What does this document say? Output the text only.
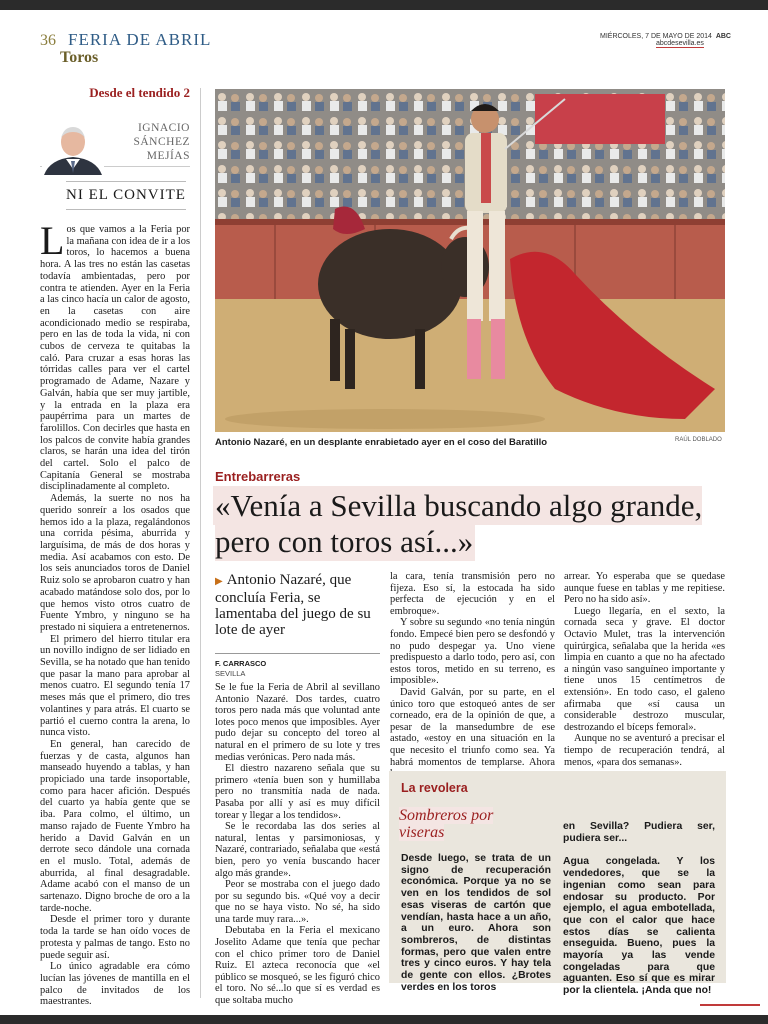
36 FERIA DE ABRIL
Toros
MIÉRCOLES, 7 DE MAYO DE 2014 ABC
abcdesevilla.es
Desde el tendido 2
IGNACIO
SÁNCHEZ
MEJÍAS
NI EL CONVITE

Los que vamos a la Feria por la mañana con idea de ir a los toros, lo hacemos a buena hora. A las tres no están las casetas todavía ambientadas, pero por contra te atienden. Ayer en la Feria a las cinco hacía un calor de agosto, en la casetas con aire acondicionado medio se respiraba, pero en las de toda la vida, ni con cubos de cerveza te quitabas la caló. Para cruzar a esas horas las tórridas calles para ver el cartel programado de Adame, Nazare y Galván, había que ser muy jartible, y la entrada en la plaza era paupérrima para un martes de farolillos. Con decirles que hasta en los palcos de convite había grandes claros, se harán una idea del tirón del cartel. Solo el palco de Capitanía General se mostraba disciplinadamente al completo.

Además, la suerte no nos ha querido sonreír a los osados que hemos ido a la plaza, regalándonos una corrida pésima, aburrida y larguísima, de más de dos horas y media. Así acabamos con esto. De los seis anunciados toros de Daniel Ruiz solo se aprobaron cuatro y han acabado matándose solo dos, por lo que hemos visto otros cuatro de Fuente Ymbro, y ninguno se ha prestado ni siquiera a entretenernos.

El primero del hierro titular era un novillo indigno de ser lidiado en Sevilla, se ha notado que han tenido que pasar la mano para aprobar al menos cuatro. El segundo tenía 17 meses más que el primero, dio tres volantines y para atrás. El cuarto se partió el cuerno contra la arena, lo nunca visto.

En general, han carecido de fuerzas y de casta, algunos han manseado huyendo a tablas, y han propiciado una tarde insoportable, como para hacer afición. Después del cuarto ya había gente que se iba. Para colmo, el último, un manso rajado de Fuente Ymbro ha herido a David Galván en un derrote seco dándole una cornada en el muslo. Total, además de aburrida, al final desagradable. Adame acabó con el manso de un sartenazo. Digno broche de oro a la tarde-noche.

Desde el primer toro y durante toda la tarde se han oído voces de protesta y palmas de tango. Esto no puede seguir así.

Lo único agradable era cómo lucían las jóvenes de mantilla en el palco de invitados de los maestrantes.

Antonio Nazaré, en un desplante enrabietado ayer en el coso del Baratillo	RAÚL DOBLADO
Entrebarreras
«Venía a Sevilla buscando algo grande, pero con toros así...»
▶ Antonio Nazaré, que concluía Feria, se lamentaba del juego de su lote de ayer
F. CARRASCO
SEVILLA

Se le fue la Feria de Abril al sevillano Antonio Nazaré. Dos tardes, cuatro toros pero nada más que voluntad ante lotes poco menos que imposibles. Ayer pudo dejar su concepto del toreo al natural en el primero de su lote y tres medias verónicas. Pero nada más.

El diestro nazareno señala que su primero «tenía buen son y humillaba pero no transmitía nada de nada. Pasaba por allí y así es muy difícil torear y llegar a los tendidos».

Se le recordaba las dos series al natural, lentas y parsimoniosas, y Nazaré, contrariado, señalaba que «está bien, pero yo venía buscando hacer algo más grande».

Peor se mostraba con el juego dado por su segundo bis. «Qué voy a decir que no se haya visto. No sé, ha sido una tarde muy rara...».

Debutaba en la Feria el mexicano Joselito Adame que tenía que pechar con el chico primer toro de Daniel Ruiz. El azteca reconocía que «el público se mosqueó, se les figuró chico el toro. No sé...lo que sí es verdad es que soltaba mucho

la cara, tenía transmisión pero no fijeza. Eso sí, la estocada ha sido perfecta de ejecución y en el embroque».

Y sobre su segundo «no tenía ningún fondo. Empecé bien pero se desfondó y no pudo despegar ya. Uno viene predispuesto a darlo todo, pero así, con estos toros, metido en su terreno, es imposible».

David Galván, por su parte, en el único toro que estoqueó antes de ser corneado, era de la opinión de que, a pesar de la mansedumbre de ese astado, «estoy en una situación en la que necesito el triunfo como sea. Ya habrá momentos de templarse. Ahora

arrear. Yo esperaba que se quedase aunque fuese en tablas y me repitiese. Pero no ha sido así».

Luego llegaría, en el sexto, la cornada seca y grave. El doctor Octavio Mulet, tras la intervención quirúrgica, señalaba que la herida «es limpia en cuanto a que no ha afectado a ningún vaso sanguíneo importante y tiene unos 15 centímetros de extensión». En todo caso, el galeno afirmaba que «sí causa un considerable destrozo muscular, destrozando el bíceps femoral».

Aunque no se aventuró a precisar el tiempo de recuperación tendrá, al menos, «para dos semanas».

La revolera
Sombreros por viseras
Desde luego, se trata de un signo de recuperación económica. Porque ya no se ven en los tendidos de sol esas viseras de cartón que vendían, hasta hace a un año, a un euro. Ahora son sombreros, de distintas formas, pero que valen entre tres y cinco euros. Y hay tela de gente con ellos. ¿Brotes verdes en los toros

en Sevilla? Pudiera ser, pudiera ser...

Agua congelada. Y los vendedores, que se la ingenian como sean para endosar su producto. Por ejemplo, el agua embotellada, que con el calor que hace estos días se calienta enseguida. Bueno, pues la mayoría ya las vende congeladas para que aguanten. Eso sí que es mirar por la clientela. ¡Anda que no!
